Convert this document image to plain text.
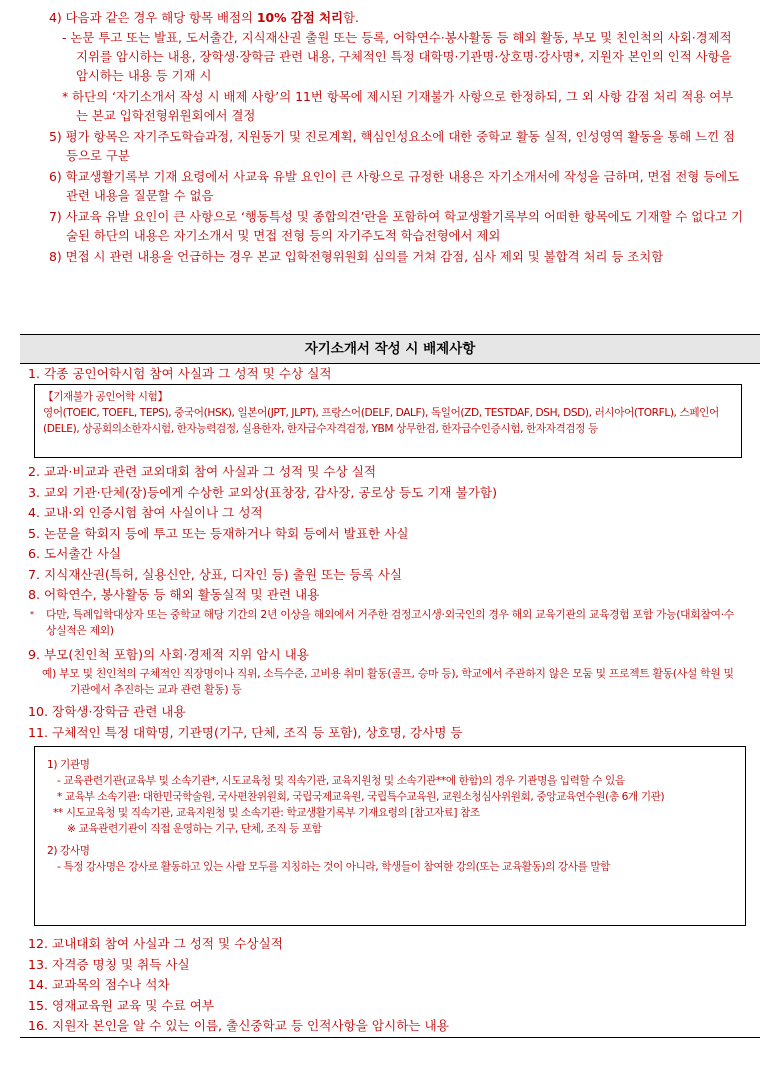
4) 다음과 같은 경우 해당 항목 배점의 10% 감점 처리함.

- 논문 투고 또는 발표, 도서출간, 지식재산권 출원 또는 등록, 어학연수·봉사활동 등 해외 활동, 부모 및 친인척의 사회·경제적 지위를 암시하는 내용, 장학생·장학금 관련 내용, 구체적인 특정 대학명·기관명·상호명·강사명*, 지원자 본인의 인적 사항을 암시하는 내용 등 기재 시

* 하단의 ‘자기소개서 작성 시 배제 사항’의 11번 항목에 제시된 기재불가 사항으로 한정하되, 그 외 사항 감점 처리 적용 여부는 본교 입학전형위원회에서 결정

5) 평가 항목은 자기주도학습과정, 지원동기 및 진로계획, 핵심인성요소에 대한 중학교 활동 실적, 인성영역 활동을 통해 느낀 점 등으로 구분

6) 학교생활기록부 기재 요령에서 사교육 유발 요인이 큰 사항으로 규정한 내용은 자기소개서에 작성을 금하며, 면접 전형 등에도 관련 내용을 질문할 수 없음

7) 사교육 유발 요인이 큰 사항으로 ‘행동특성 및 종합의견’란을 포함하여 학교생활기록부의 어떠한 항목에도 기재할 수 없다고 기술된 하단의 내용은 자기소개서 및 면접 전형 등의 자기주도적 학습전형에서 제외

8) 면접 시 관련 내용을 언급하는 경우 본교 입학전형위원회 심의를 거쳐 감점, 심사 제외 및 불합격 처리 등 조치함

자기소개서 작성 시 배제사항
1. 각종 공인어학시험 참여 사실과 그 성적 및 수상 실적
【기재불가 공인어학 시험】
영어(TOEIC, TOEFL, TEPS), 중국어(HSK), 일본어(JPT, JLPT), 프랑스어(DELF, DALF), 독일어(ZD, TESTDAF, DSH, DSD), 러시아어(TORFL), 스페인어(DELE), 상공회의소한자시험, 한자능력검정, 실용한자, 한자급수자격검정, YBM 상무한검, 한자급수인증시험, 한자자격검정 등
2. 교과·비교과 관련 교외대회 참여 사실과 그 성적 및 수상 실적
3. 교외 기관·단체(장)등에게 수상한 교외상(표창장, 감사장, 공로상 등도 기재 불가함)
4. 교내·외 인증시험 참여 사실이나 그 성적
5. 논문을 학회지 등에 투고 또는 등재하거나 학회 등에서 발표한 사실
6. 도서출간 사실
7. 지식재산권(특허, 실용신안, 상표, 디자인 등) 출원 또는 등록 사실
8. 어학연수, 봉사활동 등 해외 활동실적 및 관련 내용
* 다만, 특례입학대상자 또는 중학교 해당 기간의 2년 이상을 해외에서 거주한 검정고시생·외국인의 경우 해외 교육기관의 교육경험 포함 가능(대회참여·수상실적은 제외)
9. 부모(친인척 포함)의 사회·경제적 지위 암시 내용
예) 부모 및 친인척의 구체적인 직장명이나 직위, 소득수준, 고비용 취미 활동(골프, 승마 등), 학교에서 주관하지 않은 모둠 및 프로젝트 활동(사설 학원 및 기관에서 추진하는 교과 관련 활동) 등
10. 장학생·장학금 관련 내용
11. 구체적인 특정 대학명, 기관명(기구, 단체, 조직 등 포함), 상호명, 강사명 등
1) 기관명
- 교육관련기관(교육부 및 소속기관*, 시도교육청 및 직속기관, 교육지원청 및 소속기관**에 한함)의 경우 기관명을 입력할 수 있음
* 교육부 소속기관: 대한민국학술원, 국사편찬위원회, 국립국제교육원, 국립특수교육원, 교원소청심사위원회, 중앙교육연수원(총 6개 기관)
** 시도교육청 및 직속기관, 교육지원청 및 소속기관: 학교생활기록부 기재요령의 [참고자료] 참조
※ 교육관련기관이 직접 운영하는 기구, 단체, 조직 등 포함
2) 강사명
- 특정 강사명은 강사로 활동하고 있는 사람 모두를 지칭하는 것이 아니라, 학생들이 참여한 강의(또는 교육활동)의 강사를 말함
12. 교내대회 참여 사실과 그 성적 및 수상실적
13. 자격증 명칭 및 취득 사실
14. 교과목의 점수나 석차
15. 영재교육원 교육 및 수료 여부
16. 지원자 본인을 알 수 있는 이름, 출신중학교 등 인적사항을 암시하는 내용
